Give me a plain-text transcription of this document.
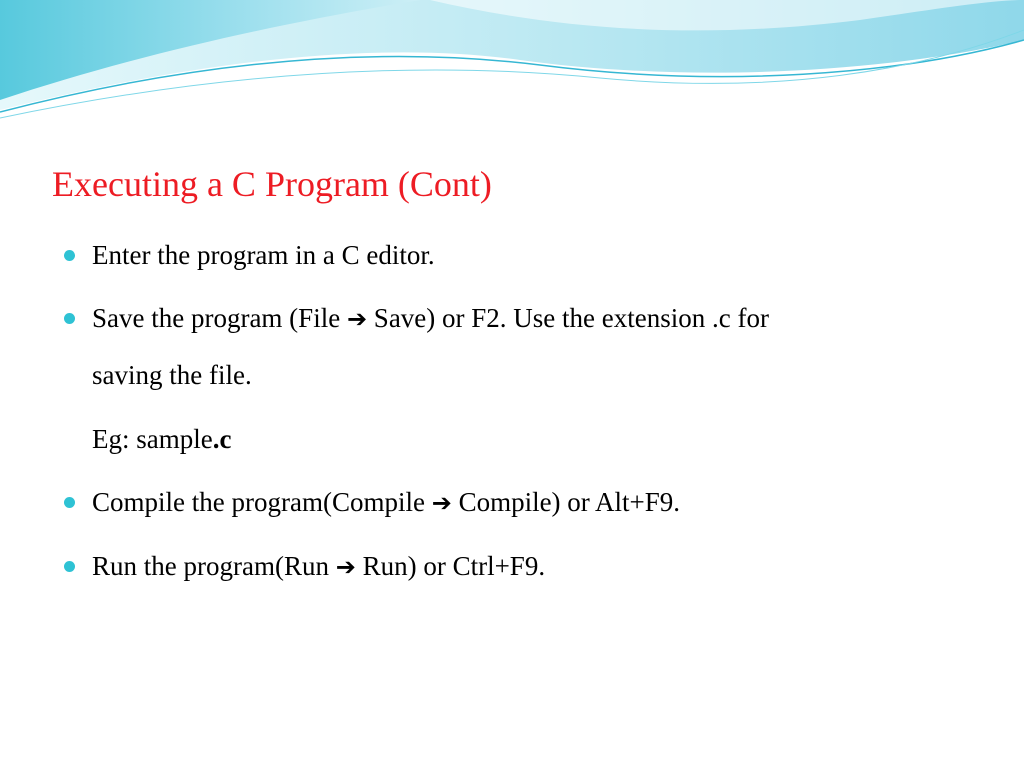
Executing a C Program (Cont)
Enter the program in a C editor.
Save the program (File ➔ Save) or F2. Use the extension .c for
saving the file.
Eg: sample.c
Compile the program(Compile ➔ Compile) or Alt+F9.
Run the program(Run ➔ Run) or Ctrl+F9.
